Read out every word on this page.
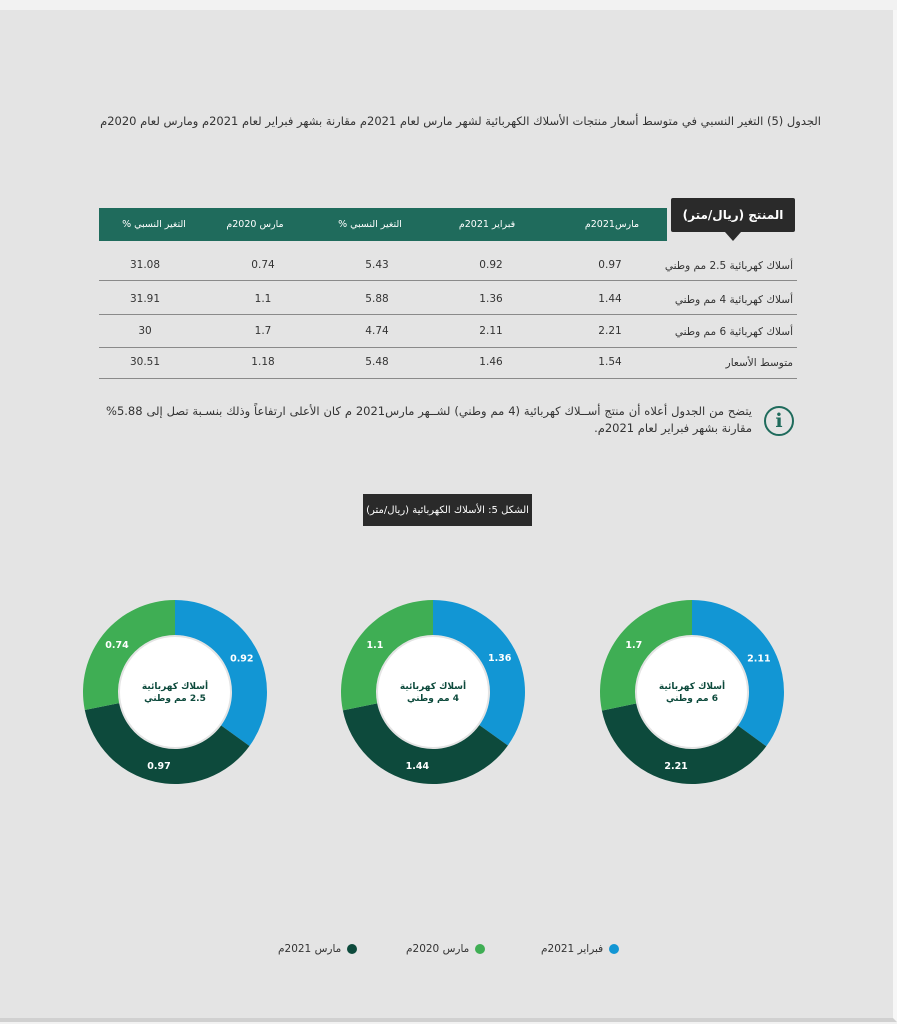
الجدول (5) التغير النسبي في متوسط أسعار منتجات الأسلاك الكهربائية لشهر مارس لعام 2021م مقارنة بشهر فبراير لعام 2021م ومارس لعام 2020م
المنتج (ريال/متر)
مارس2021م
فبراير 2021م
التغير النسبي %
مارس 2020م
التغير النسبي %
أسلاك كهربائية 2.5 مم وطني
0.97
0.92
5.43
0.74
31.08
أسلاك كهربائية 4 مم وطني
1.44
1.36
5.88
1.1
31.91
أسلاك كهربائية 6 مم وطني
2.21
2.11
4.74
1.7
30
متوسط الأسعار
1.54
1.46
5.48
1.18
30.51
i
يتضح من الجدول أعلاه أن منتج أســلاك كهربائية (4 مم وطني) لشــهر مارس2021 م كان الأعلى ارتفاعاً وذلك بنسـبة تصل إلى 5.88% مقارنة بشهر فبراير لعام 2021م.
الشكل 5: الأسلاك الكهربائية (ريال/متر)
0.92
0.97
0.74
أسلاك كهربائية
2.5 مم وطني
1.36
1.44
1.1
أسلاك كهربائية
4 مم وطني
2.11
2.21
1.7
أسلاك كهربائية
6 مم وطني
فبراير 2021م
مارس 2020م
مارس 2021م
